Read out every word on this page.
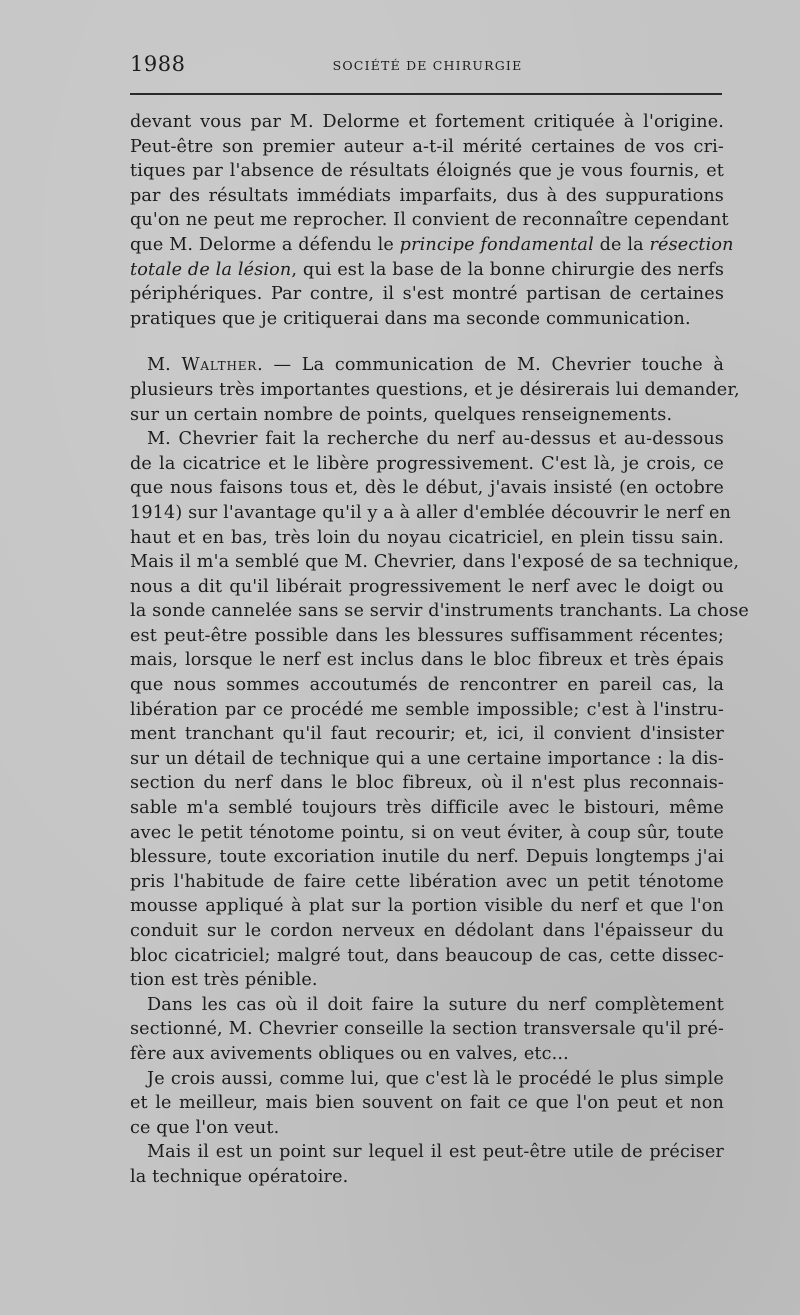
1988	SOCIÉTÉ DE CHIRURGIE
devant vous par M. Delorme et fortement critiquée à l'origine.
Peut-être son premier auteur a-t-il mérité certaines de vos cri-
tiques par l'absence de résultats éloignés que je vous fournis, et
par des résultats immédiats imparfaits, dus à des suppurations
qu'on ne peut me reprocher. Il convient de reconnaître cependant
que M. Delorme a défendu le principe fondamental de la résection
totale de la lésion, qui est la base de la bonne chirurgie des nerfs
périphériques. Par contre, il s'est montré partisan de certaines
pratiques que je critiquerai dans ma seconde communication.
M. Walther. — La communication de M. Chevrier touche à
plusieurs très importantes questions, et je désirerais lui demander,
sur un certain nombre de points, quelques renseignements.
M. Chevrier fait la recherche du nerf au-dessus et au-dessous
de la cicatrice et le libère progressivement. C'est là, je crois, ce
que nous faisons tous et, dès le début, j'avais insisté (en octobre
1914) sur l'avantage qu'il y a à aller d'emblée découvrir le nerf en
haut et en bas, très loin du noyau cicatriciel, en plein tissu sain.
Mais il m'a semblé que M. Chevrier, dans l'exposé de sa technique,
nous a dit qu'il libérait progressivement le nerf avec le doigt ou
la sonde cannelée sans se servir d'instruments tranchants. La chose
est peut-être possible dans les blessures suffisamment récentes;
mais, lorsque le nerf est inclus dans le bloc fibreux et très épais
que nous sommes accoutumés de rencontrer en pareil cas, la
libération par ce procédé me semble impossible; c'est à l'instru-
ment tranchant qu'il faut recourir; et, ici, il convient d'insister
sur un détail de technique qui a une certaine importance : la dis-
section du nerf dans le bloc fibreux, où il n'est plus reconnais-
sable m'a semblé toujours très difficile avec le bistouri, même
avec le petit ténotome pointu, si on veut éviter, à coup sûr, toute
blessure, toute excoriation inutile du nerf. Depuis longtemps j'ai
pris l'habitude de faire cette libération avec un petit ténotome
mousse appliqué à plat sur la portion visible du nerf et que l'on
conduit sur le cordon nerveux en dédolant dans l'épaisseur du
bloc cicatriciel; malgré tout, dans beaucoup de cas, cette dissec-
tion est très pénible.
Dans les cas où il doit faire la suture du nerf complètement
sectionné, M. Chevrier conseille la section transversale qu'il pré-
fère aux avivements obliques ou en valves, etc...
Je crois aussi, comme lui, que c'est là le procédé le plus simple
et le meilleur, mais bien souvent on fait ce que l'on peut et non
ce que l'on veut.
Mais il est un point sur lequel il est peut-être utile de préciser
la technique opératoire.
